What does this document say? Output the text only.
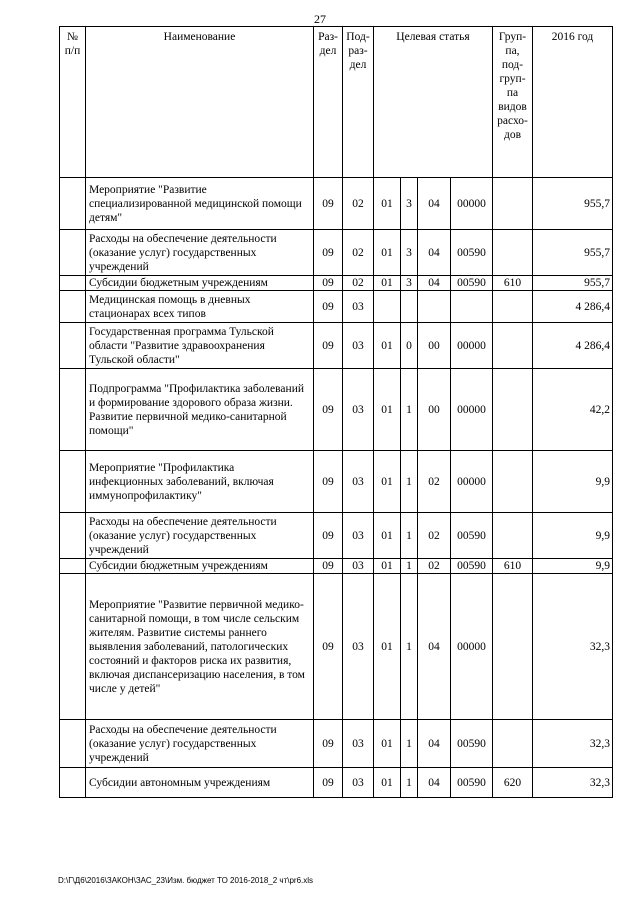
27
№ п/п	Наименование	Раз- дел	Под- раз- дел	Целевая статья				Груп- па, под- груп- па видов расхо- дов	2016 год
	Мероприятие "Развитие специализированной медицинской помощи детям"	09	02	01	3	04	00000		955,7
	Расходы на обеспечение деятельности (оказание услуг) государственных учреждений	09	02	01	3	04	00590		955,7
	Субсидии бюджетным учреждениям	09	02	01	3	04	00590	610	955,7
	Медицинская помощь в дневных стационарах всех типов	09	03						4 286,4
	Государственная программа Тульской области "Развитие здравоохранения Тульской области"	09	03	01	0	00	00000		4 286,4
	Подпрограмма "Профилактика заболеваний и формирование здорового образа жизни. Развитие первичной медико-санитарной помощи"	09	03	01	1	00	00000		42,2
	Мероприятие "Профилактика инфекционных заболеваний, включая иммунопрофилактику"	09	03	01	1	02	00000		9,9
	Расходы на обеспечение деятельности (оказание услуг) государственных учреждений	09	03	01	1	02	00590		9,9
	Субсидии бюджетным учреждениям	09	03	01	1	02	00590	610	9,9
	Мероприятие "Развитие первичной медико-санитарной помощи, в том числе сельским жителям. Развитие системы раннего выявления заболеваний, патологических состояний и факторов риска их развития, включая диспансеризацию населения, в том числе у детей"	09	03	01	1	04	00000		32,3
	Расходы на обеспечение деятельности (оказание услуг) государственных учреждений	09	03	01	1	04	00590		32,3
	Субсидии автономным учреждениям	09	03	01	1	04	00590	620	32,3
D:\Г\Д6\2016\ЗАКОН\ЗАС_23\Изм. бюджет ТО 2016-2018_2 чт\pr6.xls
